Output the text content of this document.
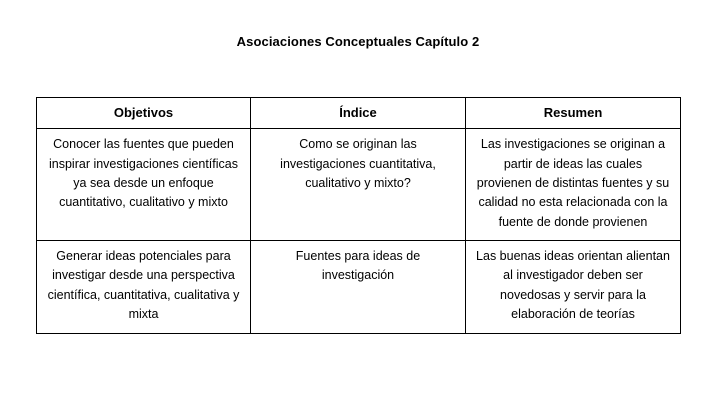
Asociaciones Conceptuales Capítulo 2
Objetivos	Índice	Resumen
Conocer las fuentes que pueden inspirar investigaciones científicas ya sea desde un enfoque cuantitativo, cualitativo y mixto	Como se originan las investigaciones cuantitativa, cualitativo y mixto?	Las investigaciones se originan a partir de ideas las cuales provienen de distintas fuentes y su calidad no esta relacionada con la fuente de donde provienen
Generar ideas potenciales para investigar desde una perspectiva científica, cuantitativa, cualitativa y mixta	Fuentes para ideas de investigación	Las buenas ideas orientan alientan al investigador deben ser novedosas y servir para la elaboración de teorías
